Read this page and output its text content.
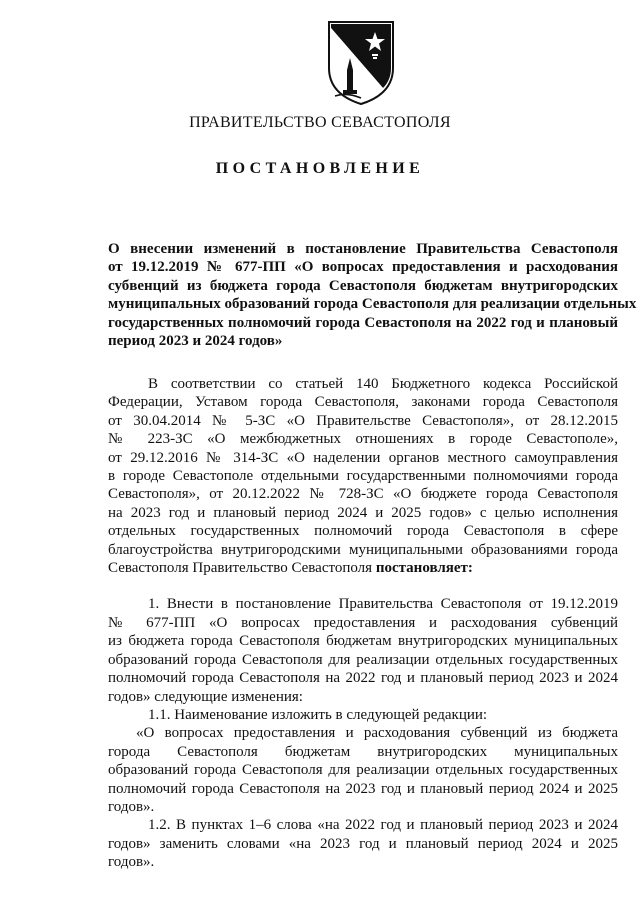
ПРАВИТЕЛЬСТВО СЕВАСТОПОЛЯ
ПОСТАНОВЛЕНИЕ

О внесении изменений в постановление Правительства Севастополя

от 19.12.2019 № 677-ПП «О вопросах предоставления и расходования

субвенций из бюджета города Севастополя бюджетам внутригородских

муниципальных образований города Севастополя для реализации отдельных

государственных полномочий города Севастополя на 2022 год и плановый

период 2023 и 2024 годов»

В соответствии со статьей 140 Бюджетного кодекса Российской
Федерации, Уставом города Севастополя, законами города Севастополя
от 30.04.2014 № 5-ЗС «О Правительстве Севастополя», от 28.12.2015
№ 223-ЗС «О межбюджетных отношениях в городе Севастополе»,
от 29.12.2016 № 314-ЗС «О наделении органов местного самоуправления
в городе Севастополе отдельными государственными полномочиями города
Севастополя», от 20.12.2022 № 728-ЗС «О бюджете города Севастополя
на 2023 год и плановый период 2024 и 2025 годов» с целью исполнения
отдельных государственных полномочий города Севастополя в сфере
благоустройства внутригородскими муниципальными образованиями города
Севастополя Правительство Севастополя постановляет:
1. Внести в постановление Правительства Севастополя от 19.12.2019
№ 677-ПП «О вопросах предоставления и расходования субвенций
из бюджета города Севастополя бюджетам внутригородских муниципальных
образований города Севастополя для реализации отдельных государственных
полномочий города Севастополя на 2022 год и плановый период 2023 и 2024
годов» следующие изменения:
1.1. Наименование изложить в следующей редакции:
«О вопросах предоставления и расходования субвенций из бюджета
города Севастополя бюджетам внутригородских муниципальных
образований города Севастополя для реализации отдельных государственных
полномочий города Севастополя на 2023 год и плановый период 2024 и 2025
годов».
1.2. В пунктах 1–6 слова «на 2022 год и плановый период 2023 и 2024
годов» заменить словами «на 2023 год и плановый период 2024 и 2025
годов».
